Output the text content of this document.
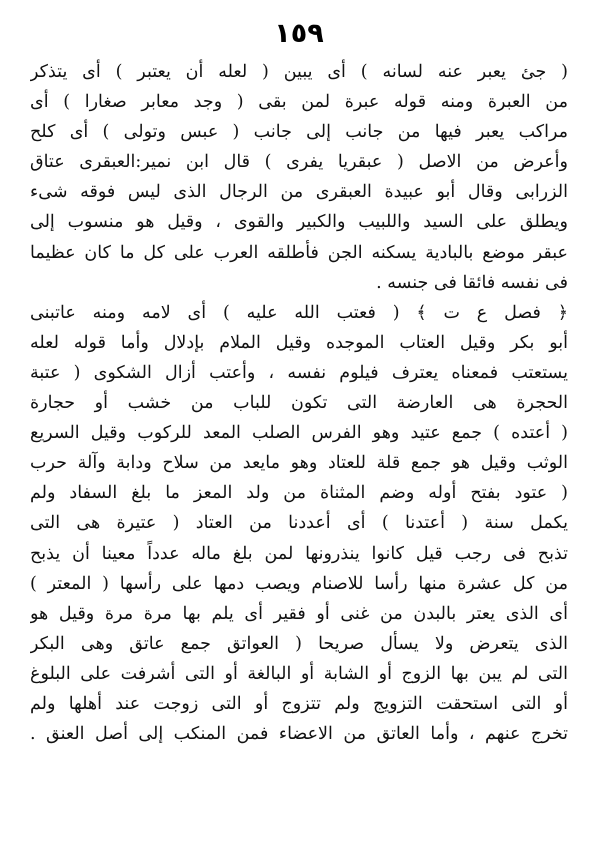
١٥٩
( جئ يعبر عنه لسانه ) أى يبين ( لعله أن يعتبر ) أى يتذكر
من العبرة ومنه قوله عبرة لمن بقى ( وجد معابر صغارا ) أى
مراكب يعبر فيها من جانب إلى جانب ( عبس وتولى ) أى كلح
وأعرض من الاصل ( عبقريا يفرى ) قال ابن نمير:العبقرى عتاق
الزرابى وقال أبو عبيدة العبقرى من الرجال الذى ليس فوقه شىء
ويطلق على السيد واللبيب والكبير والقوى ، وقيل هو منسوب إلى
عبقر موضع بالبادية يسكنه الجن فأطلقه العرب على كل ما كان عظيما
فى نفسه فائقا فى جنسه .
﴿ فصل ع ت ﴾ ( فعتب الله عليه ) أى لامه ومنه عاتبنى
أبو بكر وقيل العتاب الموجده وقيل الملام بإدلال وأما قوله لعله
يستعتب فمعناه يعترف فيلوم نفسه ، وأعتب أزال الشكوى ( عتبة
الحجرة هى العارضة التى تكون للباب من خشب أو حجارة
( أعتده ) جمع عتيد وهو الفرس الصلب المعد للركوب وقيل السريع
الوثب وقيل هو جمع قلة للعتاد وهو مايعد من سلاح ودابة وآلة حرب
( عتود بفتح أوله وضم المثناة من ولد المعز ما بلغ السفاد ولم
يكمل سنة ( أعتدنا ) أى أعددنا من العتاد ( عتيرة هى التى
تذبح فى رجب قيل كانوا ينذرونها لمن بلغ ماله عدداً معينا أن يذبح
من كل عشرة منها رأسا للاصنام ويصب دمها على رأسها ( المعتر )
أى الذى يعتر بالبدن من غنى أو فقير أى يلم بها مرة مرة وقيل هو
الذى يتعرض ولا يسأل صريحا ( العواتق جمع عاتق وهى البكر
التى لم يبن بها الزوج أو الشابة أو البالغة أو التى أشرفت على البلوغ
أو التى استحقت التزويج ولم تتزوج أو التى زوجت عند أهلها ولم
تخرج عنهم ، وأما العاتق من الاعضاء فمن المنكب إلى أصل العنق .
